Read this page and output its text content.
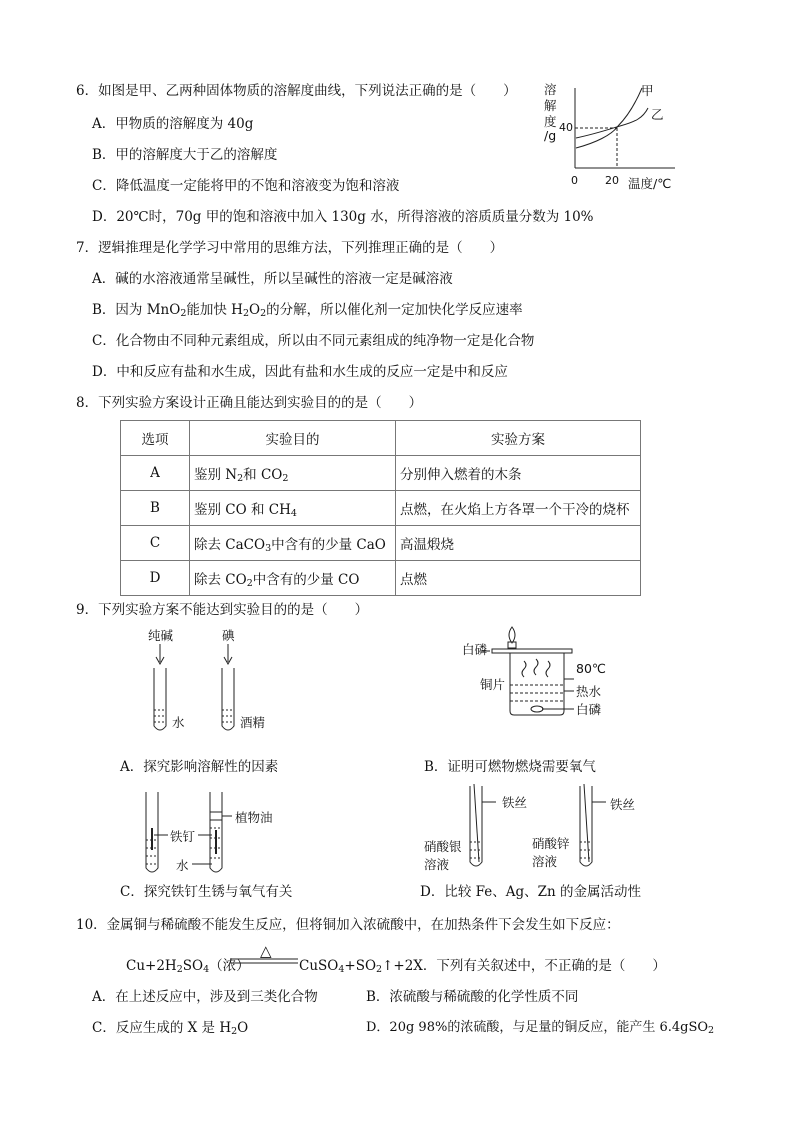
6．如图是甲、乙两种固体物质的溶解度曲线，下列说法正确的是（　　）
A．甲物质的溶解度为 40g
B．甲的溶解度大于乙的溶解度
C．降低温度一定能将甲的不饱和溶液变为饱和溶液
D．20℃时，70g 甲的饱和溶液中加入 130g 水，所得溶液的溶质质量分数为 10%
溶
解
度
/g
40
0 20 温度/℃
甲
乙
7．逻辑推理是化学学习中常用的思维方法，下列推理正确的是（　　）
A．碱的水溶液通常呈碱性，所以呈碱性的溶液一定是碱溶液
B．因为 MnO2能加快 H2O2的分解，所以催化剂一定加快化学反应速率
C．化合物由不同种元素组成，所以由不同元素组成的纯净物一定是化合物
D．中和反应有盐和水生成，因此有盐和水生成的反应一定是中和反应
8．下列实验方案设计正确且能达到实验目的的是（　　）
选项	实验目的	实验方案
A	鉴别 N2和 CO2	分别伸入燃着的木条
B	鉴别 CO 和 CH4	点燃，在火焰上方各罩一个干冷的烧杯
C	除去 CaCO3中含有的少量 CaO	高温煅烧
D	除去 CO2中含有的少量 CO	点燃
9．下列实验方案不能达到实验目的的是（　　）
纯碱	碘
水	酒精
A．探究影响溶解性的因素
白磷
铜片
80℃
热水
白磷
B．证明可燃物燃烧需要氧气
植物油
铁钉
水
C．探究铁钉生锈与氧气有关
铁丝	铁丝
硝酸银
溶液
硝酸锌
溶液
D．比较 Fe、Ag、Zn 的金属活动性
10．金属铜与稀硫酸不能发生反应，但将铜加入浓硫酸中，在加热条件下会发生如下反应：
Cu+2H2SO4（浓）
△
CuSO4+SO2↑+2X．下列有关叙述中，不正确的是（　　）
A．在上述反应中，涉及到三类化合物	B．浓硫酸与稀硫酸的化学性质不同
C．反应生成的 X 是 H2O	D．20g 98%的浓硫酸，与足量的铜反应，能产生 6.4gSO2
